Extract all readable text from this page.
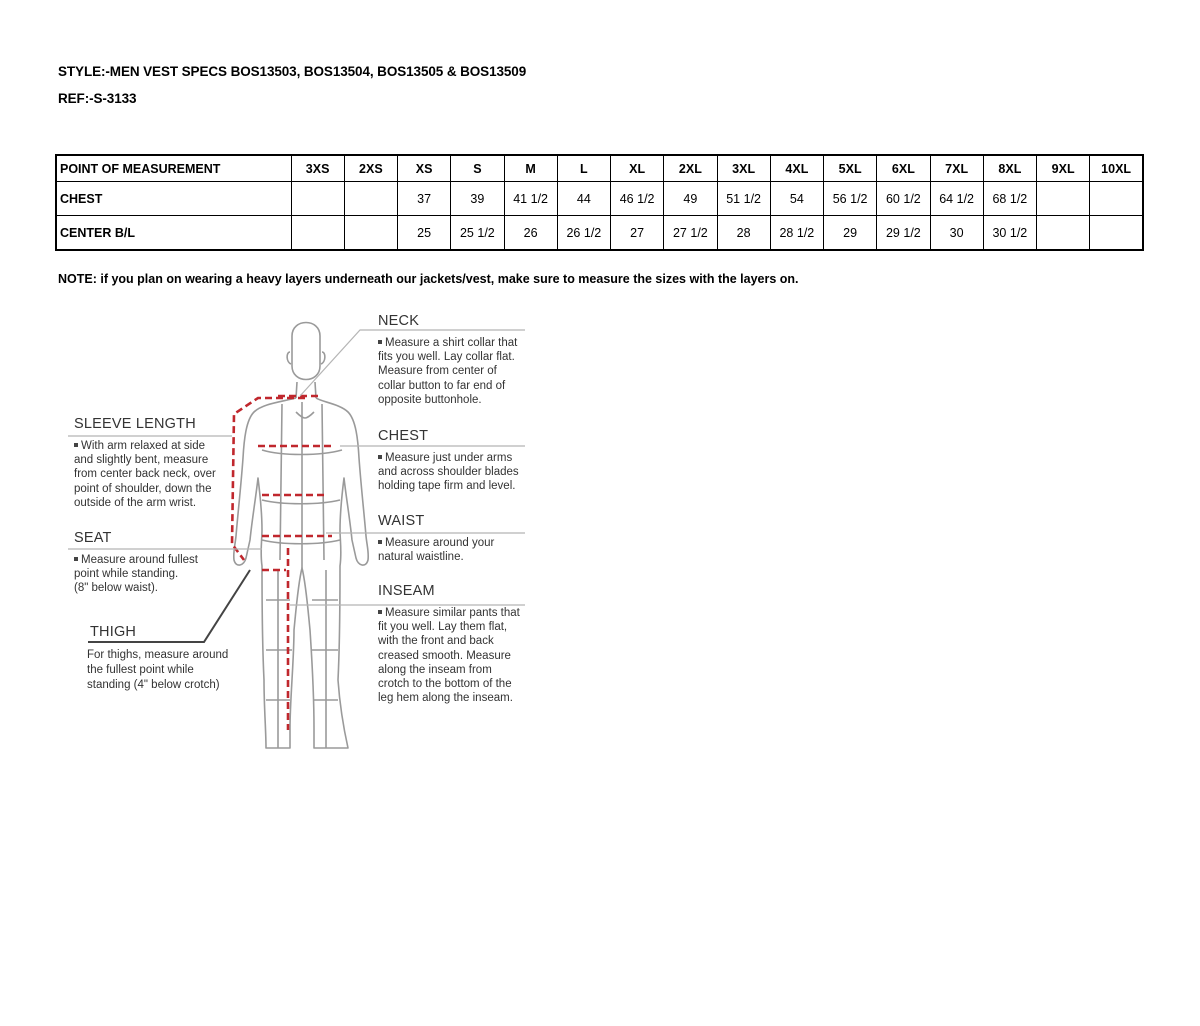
STYLE:-MEN VEST SPECS BOS13503, BOS13504, BOS13505 & BOS13509
REF:-S-3133
POINT OF MEASUREMENT	3XS	2XS	XS	S	M	L	XL	2XL	3XL	4XL	5XL	6XL	7XL	8XL	9XL	10XL
CHEST			37	39	41 1/2	44	46 1/2	49	51 1/2	54	56 1/2	60 1/2	64 1/2	68 1/2		
CENTER B/L			25	25 1/2	26	26 1/2	27	27 1/2	28	28 1/2	29	29 1/2	30	30 1/2		
NOTE: if you plan on wearing a heavy layers underneath our jackets/vest, make sure to measure the sizes with the layers on.
NECK
Measure a shirt collar that
fits you well. Lay collar flat.
Measure from center of
collar button to far end of
opposite buttonhole.
CHEST
Measure just under arms
and across shoulder blades
holding tape firm and level.
WAIST
Measure around your
natural waistline.
INSEAM
Measure similar pants that
fit you well. Lay them flat,
with the front and back
creased smooth. Measure
along the inseam from
crotch to the bottom of the
leg hem along the inseam.
SLEEVE LENGTH
With arm relaxed at side
and slightly bent, measure
from center back neck, over
point of shoulder, down the
outside of the arm wrist.
SEAT
Measure around fullest
point while standing.
(8" below waist).
THIGH
For thighs, measure around
the fullest point while
standing (4" below crotch)
